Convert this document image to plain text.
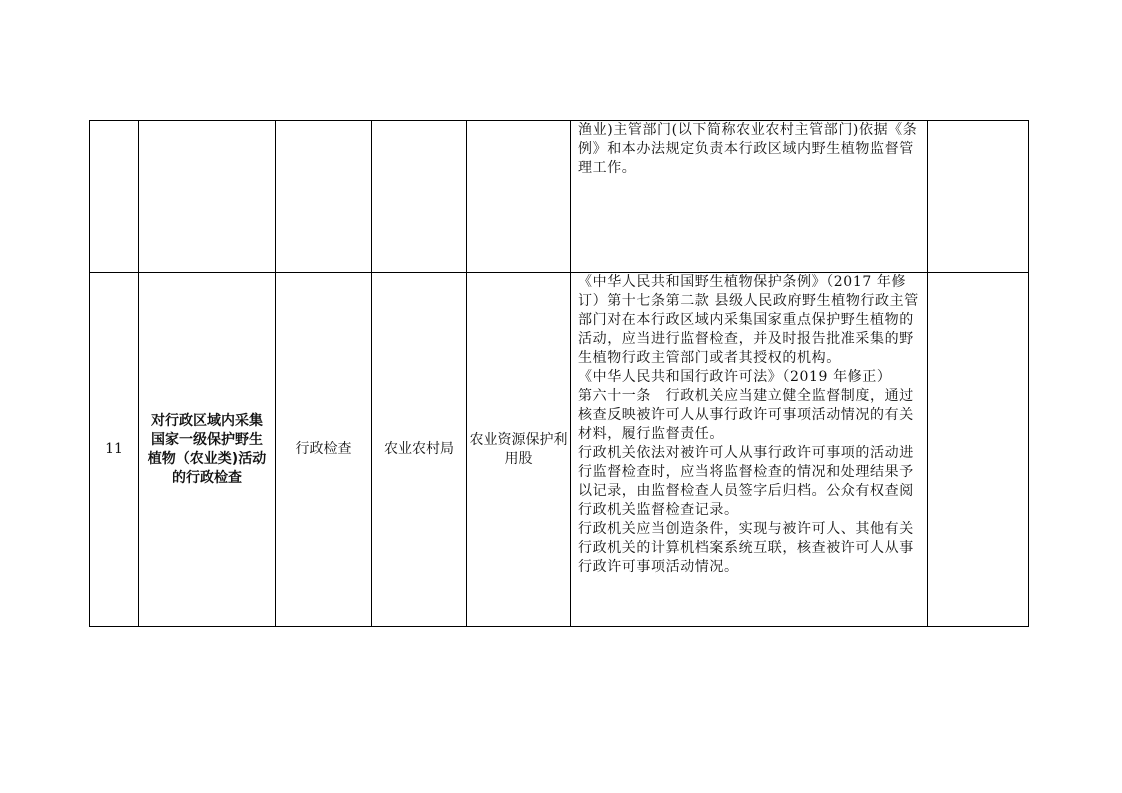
					渔业)主管部门(以下简称农业农村主管部门)依据《条例》和本办法规定负责本行政区域内野生植物监督管理工作。	

11	对行政区域内采集国家一级保护野生植物（农业类)活动的行政检查	行政检查	农业农村局	农业资源保护利用股	《中华人民共和国野生植物保护条例》（2017 年修订）第十七条第二款 县级人民政府野生植物行政主管部门对在本行政区域内采集国家重点保护野生植物的活动，应当进行监督检查，并及时报告批准采集的野生植物行政主管部门或者其授权的机构。
《中华人民共和国行政许可法》（2019 年修正）
第六十一条　行政机关应当建立健全监督制度，通过核查反映被许可人从事行政许可事项活动情况的有关材料，履行监督责任。
行政机关依法对被许可人从事行政许可事项的活动进行监督检查时，应当将监督检查的情况和处理结果予以记录，由监督检查人员签字后归档。公众有权查阅行政机关监督检查记录。
行政机关应当创造条件，实现与被许可人、其他有关行政机关的计算机档案系统互联，核查被许可人从事行政许可事项活动情况。	
